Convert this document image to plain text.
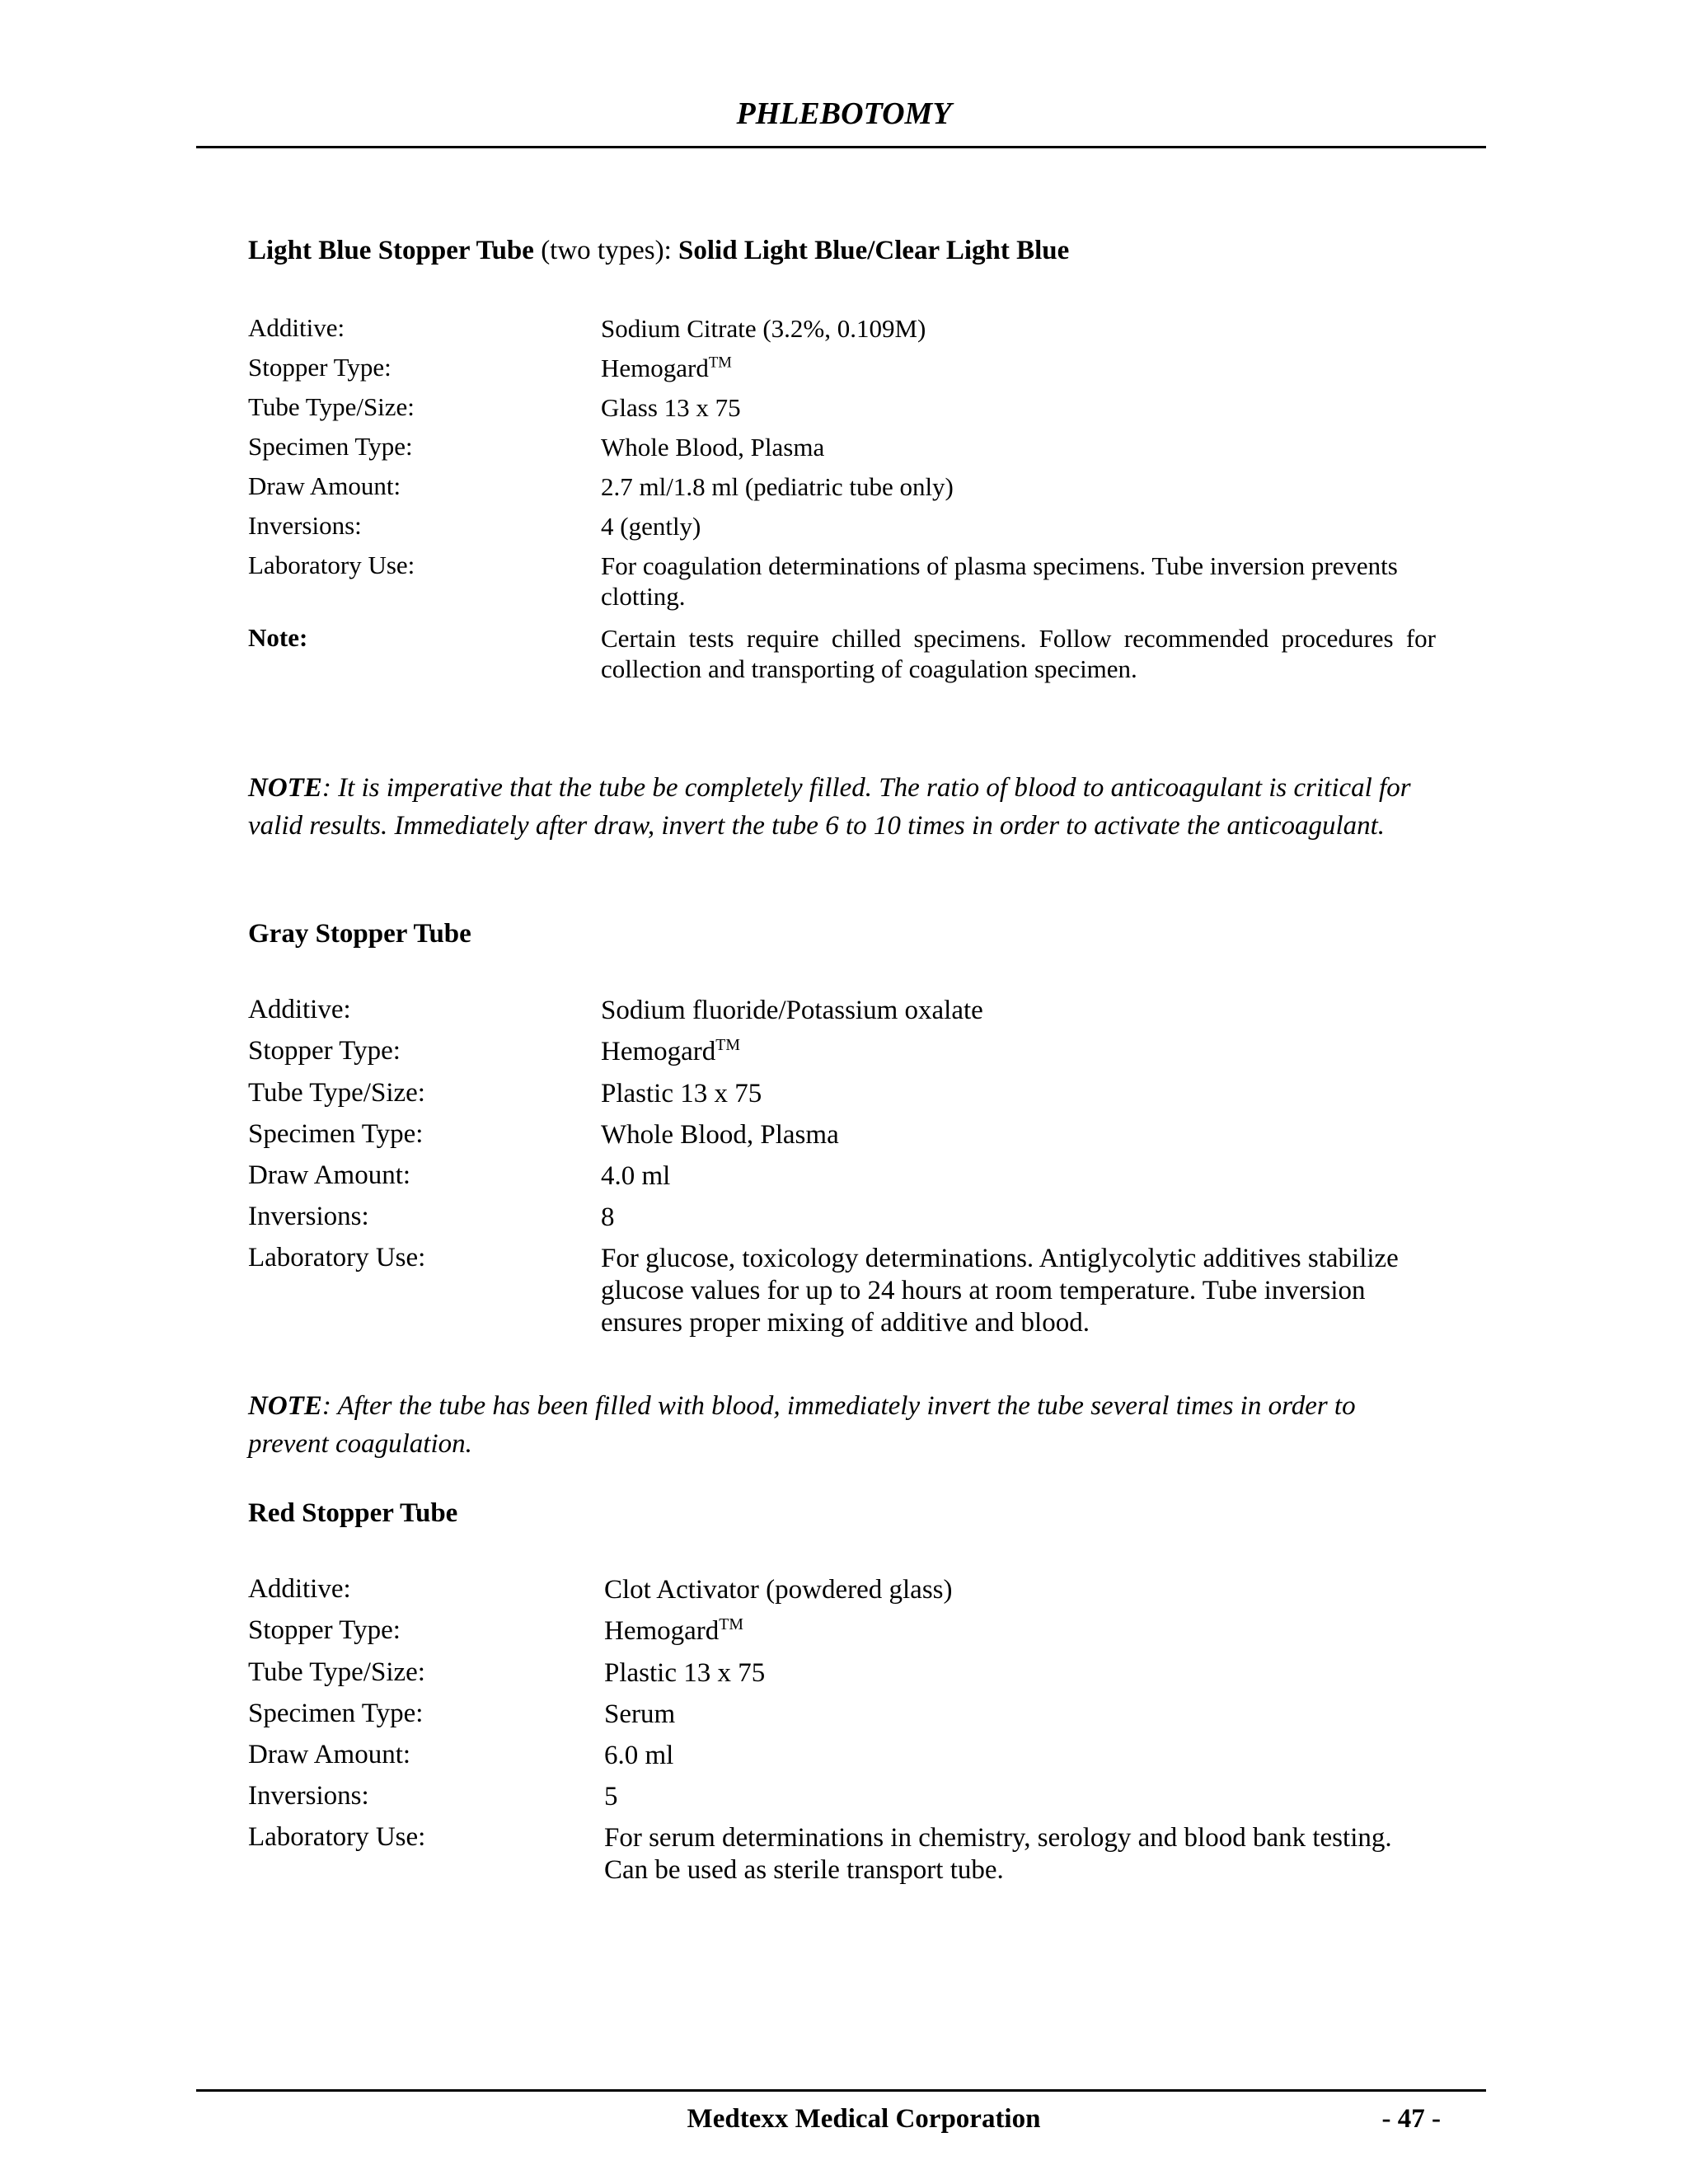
PHLEBOTOMY
Light Blue Stopper Tube (two types): Solid Light Blue/Clear Light Blue
Additive:	Sodium Citrate (3.2%, 0.109M)
Stopper Type:	Hemogard™
Tube Type/Size:	Glass 13 x 75
Specimen Type:	Whole Blood, Plasma
Draw Amount:	2.7 ml/1.8 ml (pediatric tube only)
Inversions:	4 (gently)
Laboratory Use:	For coagulation determinations of plasma specimens. Tube inversion prevents clotting.
Note:	Certain tests require chilled specimens. Follow recommended procedures for collection and transporting of coagulation specimen.
NOTE: It is imperative that the tube be completely filled. The ratio of blood to anticoagulant is critical for valid results. Immediately after draw, invert the tube 6 to 10 times in order to activate the anticoagulant.
Gray Stopper Tube
Additive:	Sodium fluoride/Potassium oxalate
Stopper Type:	Hemogard™
Tube Type/Size:	Plastic 13 x 75
Specimen Type:	Whole Blood, Plasma
Draw Amount:	4.0 ml
Inversions:	8
Laboratory Use:	For glucose, toxicology determinations. Antiglycolytic additives stabilize glucose values for up to 24 hours at room temperature. Tube inversion ensures proper mixing of additive and blood.
NOTE: After the tube has been filled with blood, immediately invert the tube several times in order to prevent coagulation.
Red Stopper Tube
Additive:	Clot Activator (powdered glass)
Stopper Type:	Hemogard™
Tube Type/Size:	Plastic 13 x 75
Specimen Type:	Serum
Draw Amount:	6.0 ml
Inversions:	5
Laboratory Use:	For serum determinations in chemistry, serology and blood bank testing. Can be used as sterile transport tube.
Medtexx Medical Corporation	- 47 -
